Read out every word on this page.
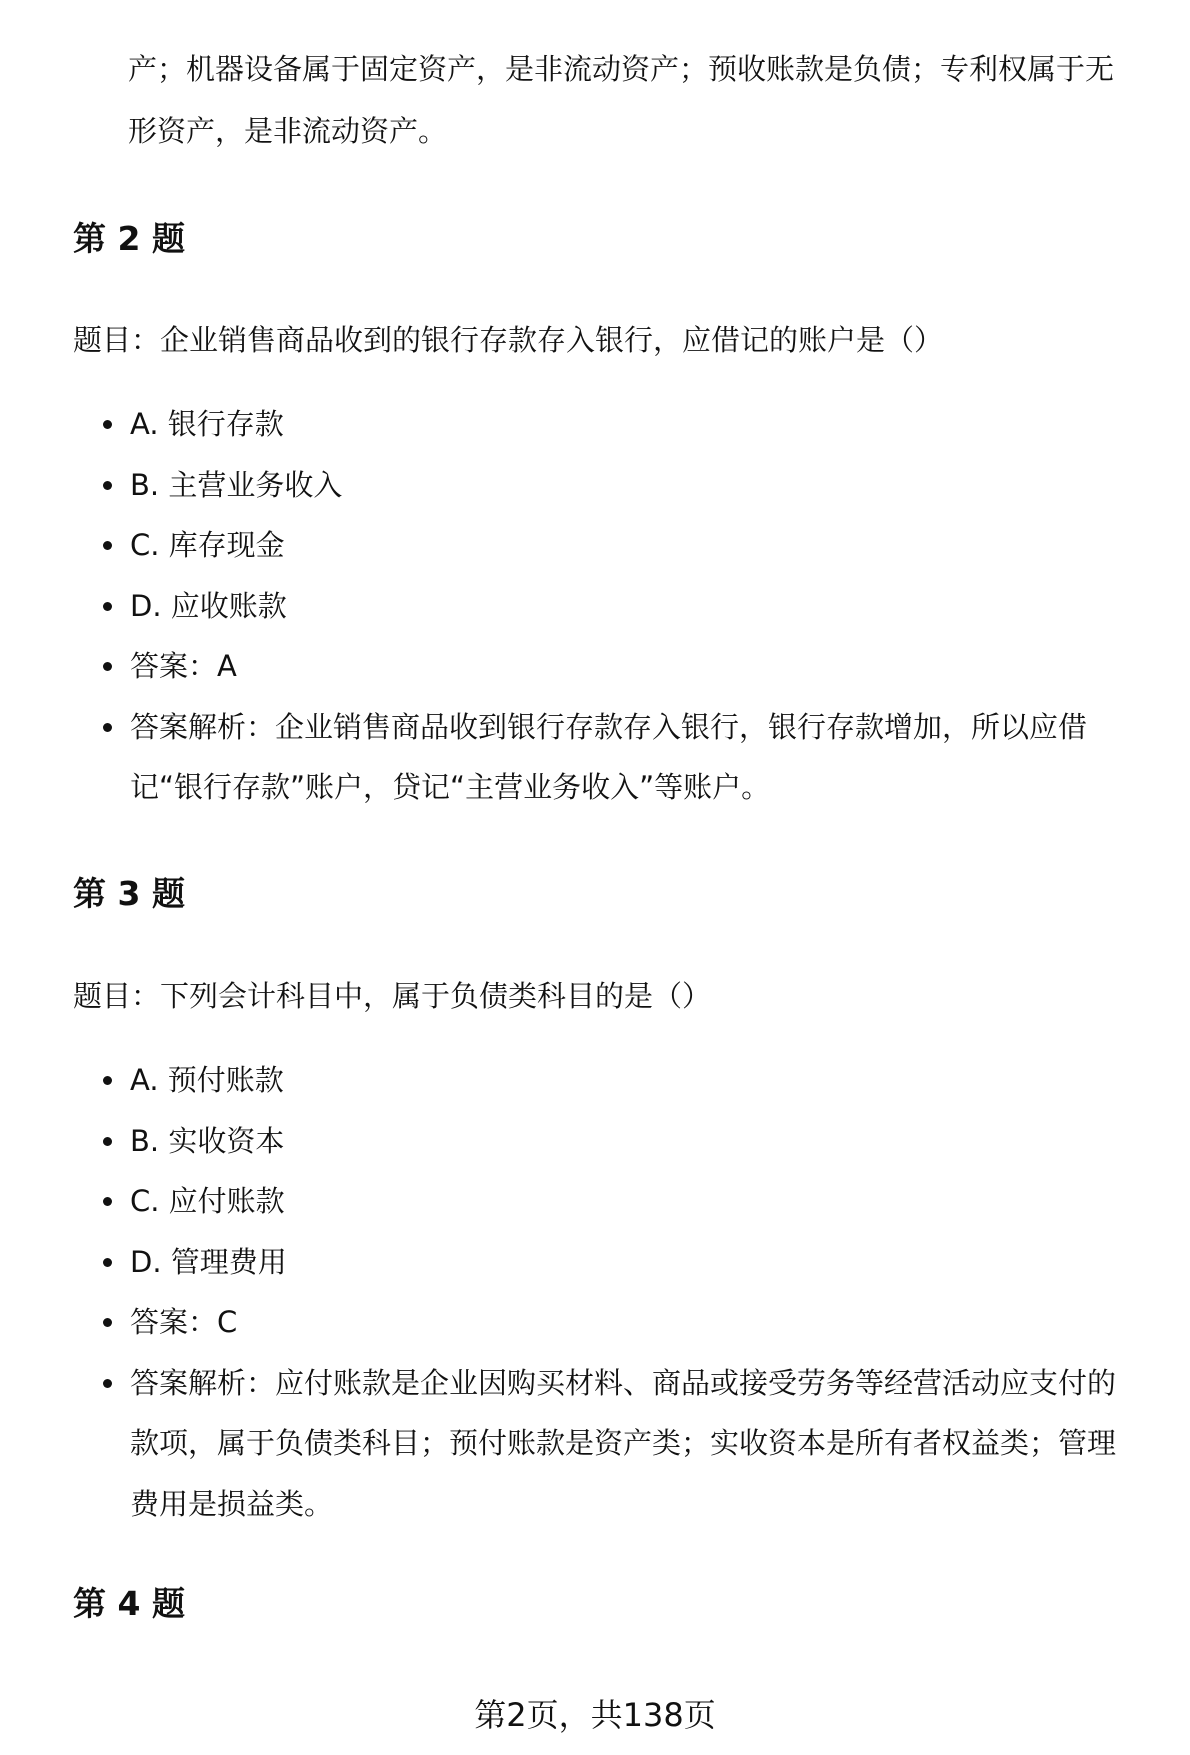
产；机器设备属于固定资产，是非流动资产；预收账款是负债；专利权属于无
形资产，是非流动资产。
第 2 题

题目：企业销售商品收到的银行存款存入银行，应借记的账户是（）

A. 银行存款
B. 主营业务收入
C. 库存现金
D. 应收账款
答案：A
答案解析：企业销售商品收到银行存款存入银行，银行存款增加，所以应借
记“银行存款”账户，贷记“主营业务收入”等账户。
第 3 题

题目：下列会计科目中，属于负债类科目的是（）

A. 预付账款
B. 实收资本
C. 应付账款
D. 管理费用
答案：C
答案解析：应付账款是企业因购买材料、商品或接受劳务等经营活动应支付的
款项，属于负债类科目；预付账款是资产类；实收资本是所有者权益类；管理
费用是损益类。
第 4 题

第2页，共138页
